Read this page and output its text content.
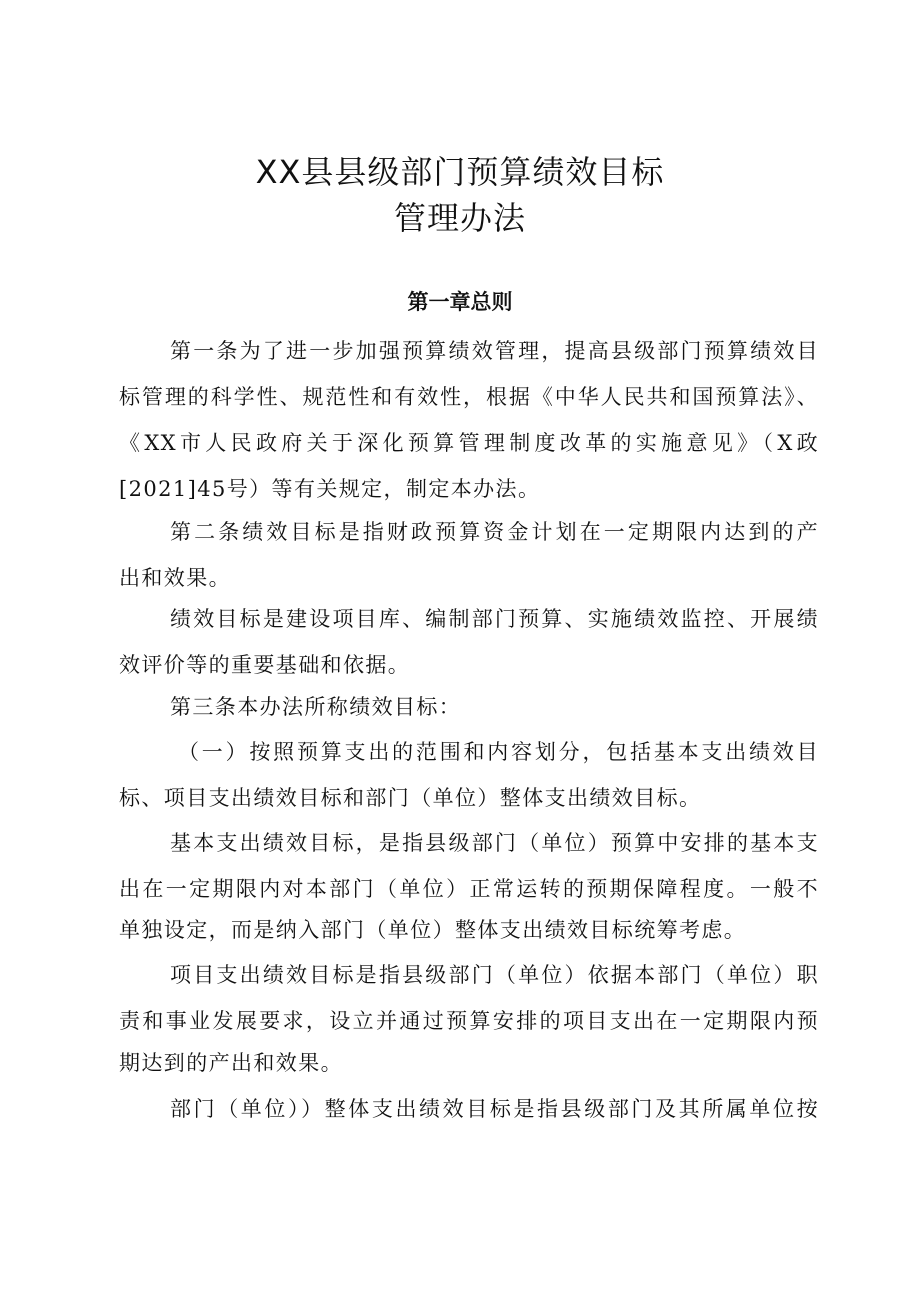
XX县县级部门预算绩效目标
管理办法
第一章总则
第一条为了进一步加强预算绩效管理，提高县级部门预算绩效目
标管理的科学性、规范性和有效性，根据《中华人民共和国预算法》、
《XX市人民政府关于深化预算管理制度改革的实施意见》（X政
[2021]45号）等有关规定，制定本办法。
第二条绩效目标是指财政预算资金计划在一定期限内达到的产
出和效果。
绩效目标是建设项目库、编制部门预算、实施绩效监控、开展绩
效评价等的重要基础和依据。
第三条本办法所称绩效目标：
（一）按照预算支出的范围和内容划分，包括基本支出绩效目
标、项目支出绩效目标和部门（单位）整体支出绩效目标。
基本支出绩效目标，是指县级部门（单位）预算中安排的基本支
出在一定期限内对本部门（单位）正常运转的预期保障程度。一般不
单独设定，而是纳入部门（单位）整体支出绩效目标统筹考虑。
项目支出绩效目标是指县级部门（单位）依据本部门（单位）职
责和事业发展要求，设立并通过预算安排的项目支出在一定期限内预
期达到的产出和效果。
部门（单位））整体支出绩效目标是指县级部门及其所属单位按
